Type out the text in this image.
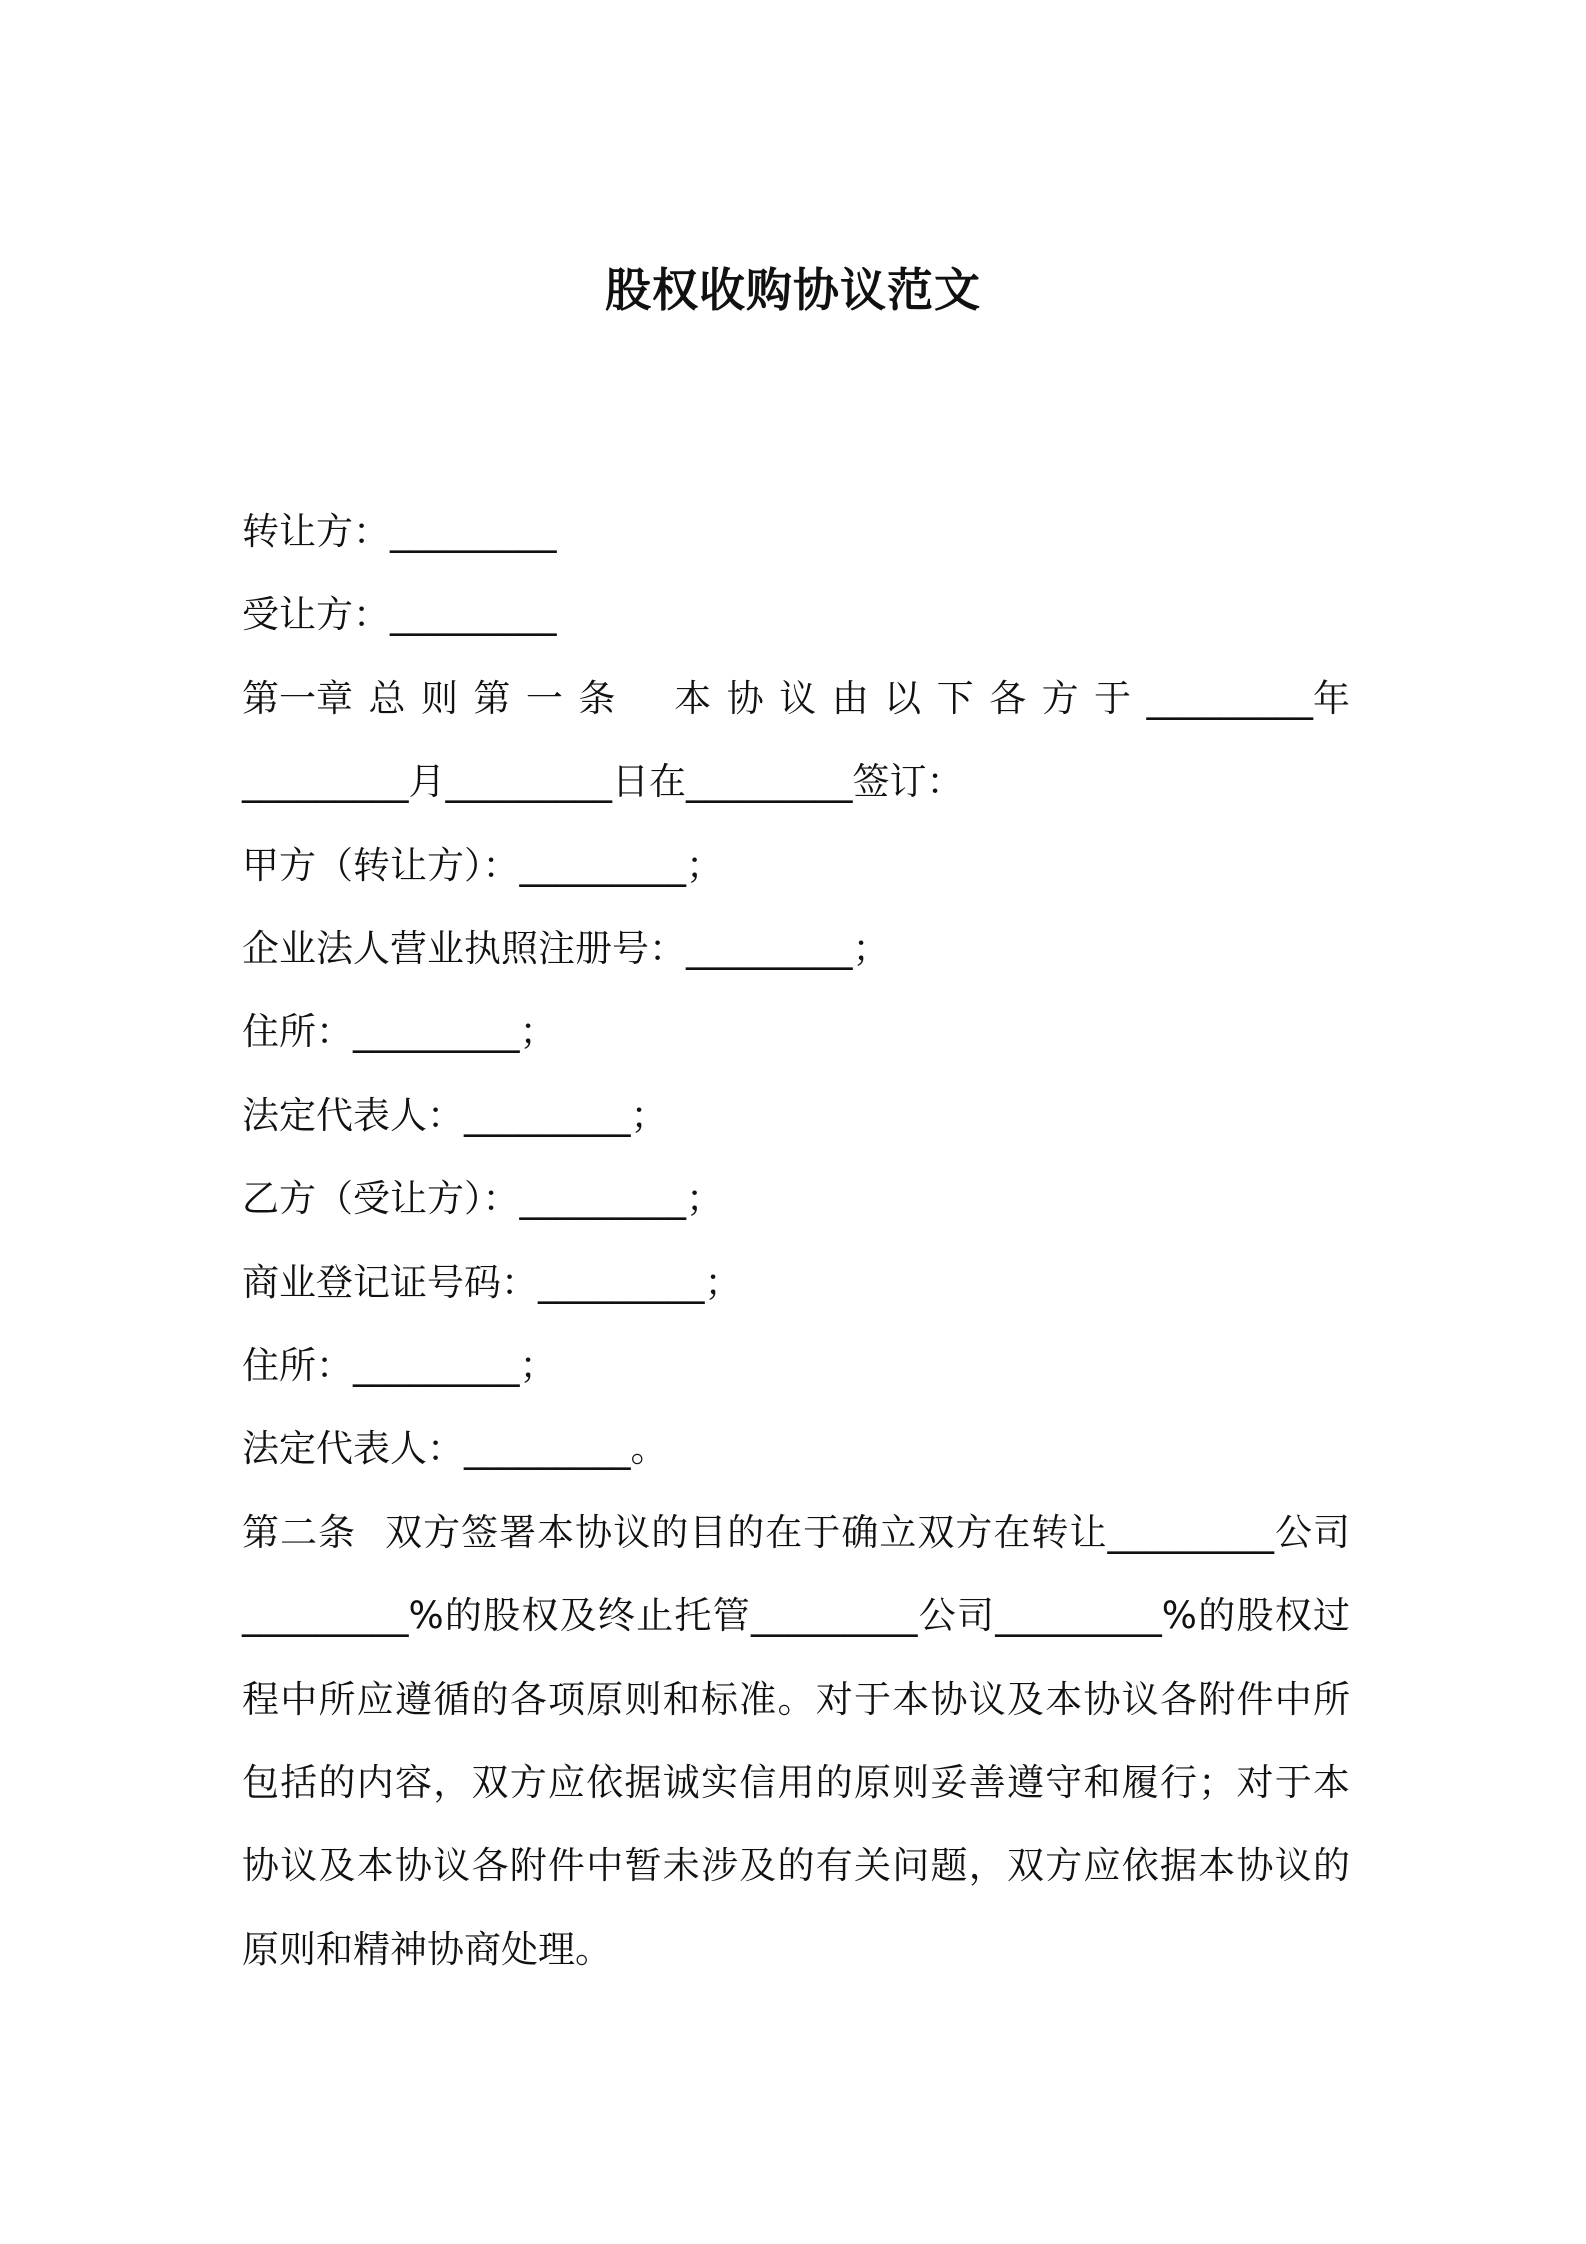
股权收购协议范文
转让方：_________
受让方：_________
第一章 总 则 第 一 条 本 协 议 由 以 下 各 方 于 _________年
_________月_________日在_________签订：
甲方（转让方）：_________；
企业法人营业执照注册号：_________；
住所：_________；
法定代表人：_________；
乙方（受让方）：_________；
商业登记证号码：_________；
住所：_________；
法定代表人：_________。
第二条 双方签署本协议的目的在于确立双方在转让_________公司_________%的股权及终止托管_________公司_________%的股权过程中所应遵循的各项原则和标准。对于本协议及本协议各附件中所包括的内容，双方应依据诚实信用的原则妥善遵守和履行；对于本协议及本协议各附件中暂未涉及的有关问题，双方应依据本协议的原则和精神协商处理。
